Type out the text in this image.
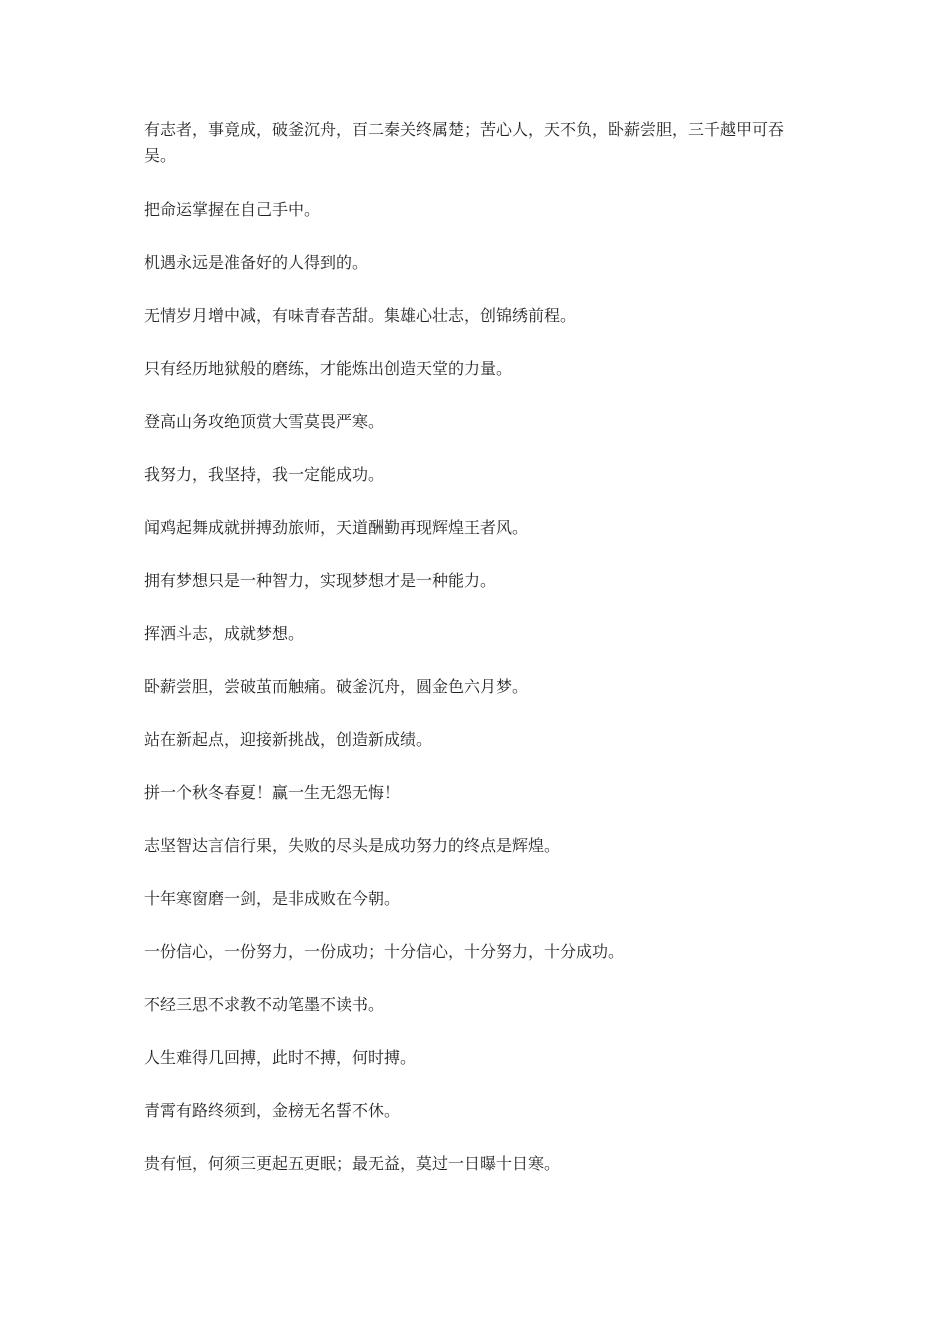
有志者，事竟成，破釜沉舟，百二秦关终属楚；苦心人，天不负，卧薪尝胆，三千越甲可吞吴。

把命运掌握在自己手中。

机遇永远是准备好的人得到的。

无情岁月增中减，有味青春苦甜。集雄心壮志，创锦绣前程。

只有经历地狱般的磨练，才能炼出创造天堂的力量。

登高山务攻绝顶赏大雪莫畏严寒。

我努力，我坚持，我一定能成功。

闻鸡起舞成就拼搏劲旅师，天道酬勤再现辉煌王者风。

拥有梦想只是一种智力，实现梦想才是一种能力。

挥洒斗志，成就梦想。

卧薪尝胆，尝破茧而触痛。破釜沉舟，圆金色六月梦。

站在新起点，迎接新挑战，创造新成绩。

拼一个秋冬春夏！赢一生无怨无悔！

志坚智达言信行果，失败的尽头是成功努力的终点是辉煌。

十年寒窗磨一剑，是非成败在今朝。

一份信心，一份努力，一份成功；十分信心，十分努力，十分成功。

不经三思不求教不动笔墨不读书。

人生难得几回搏，此时不搏，何时搏。

青霄有路终须到，金榜无名誓不休。

贵有恒，何须三更起五更眠；最无益，莫过一日曝十日寒。
